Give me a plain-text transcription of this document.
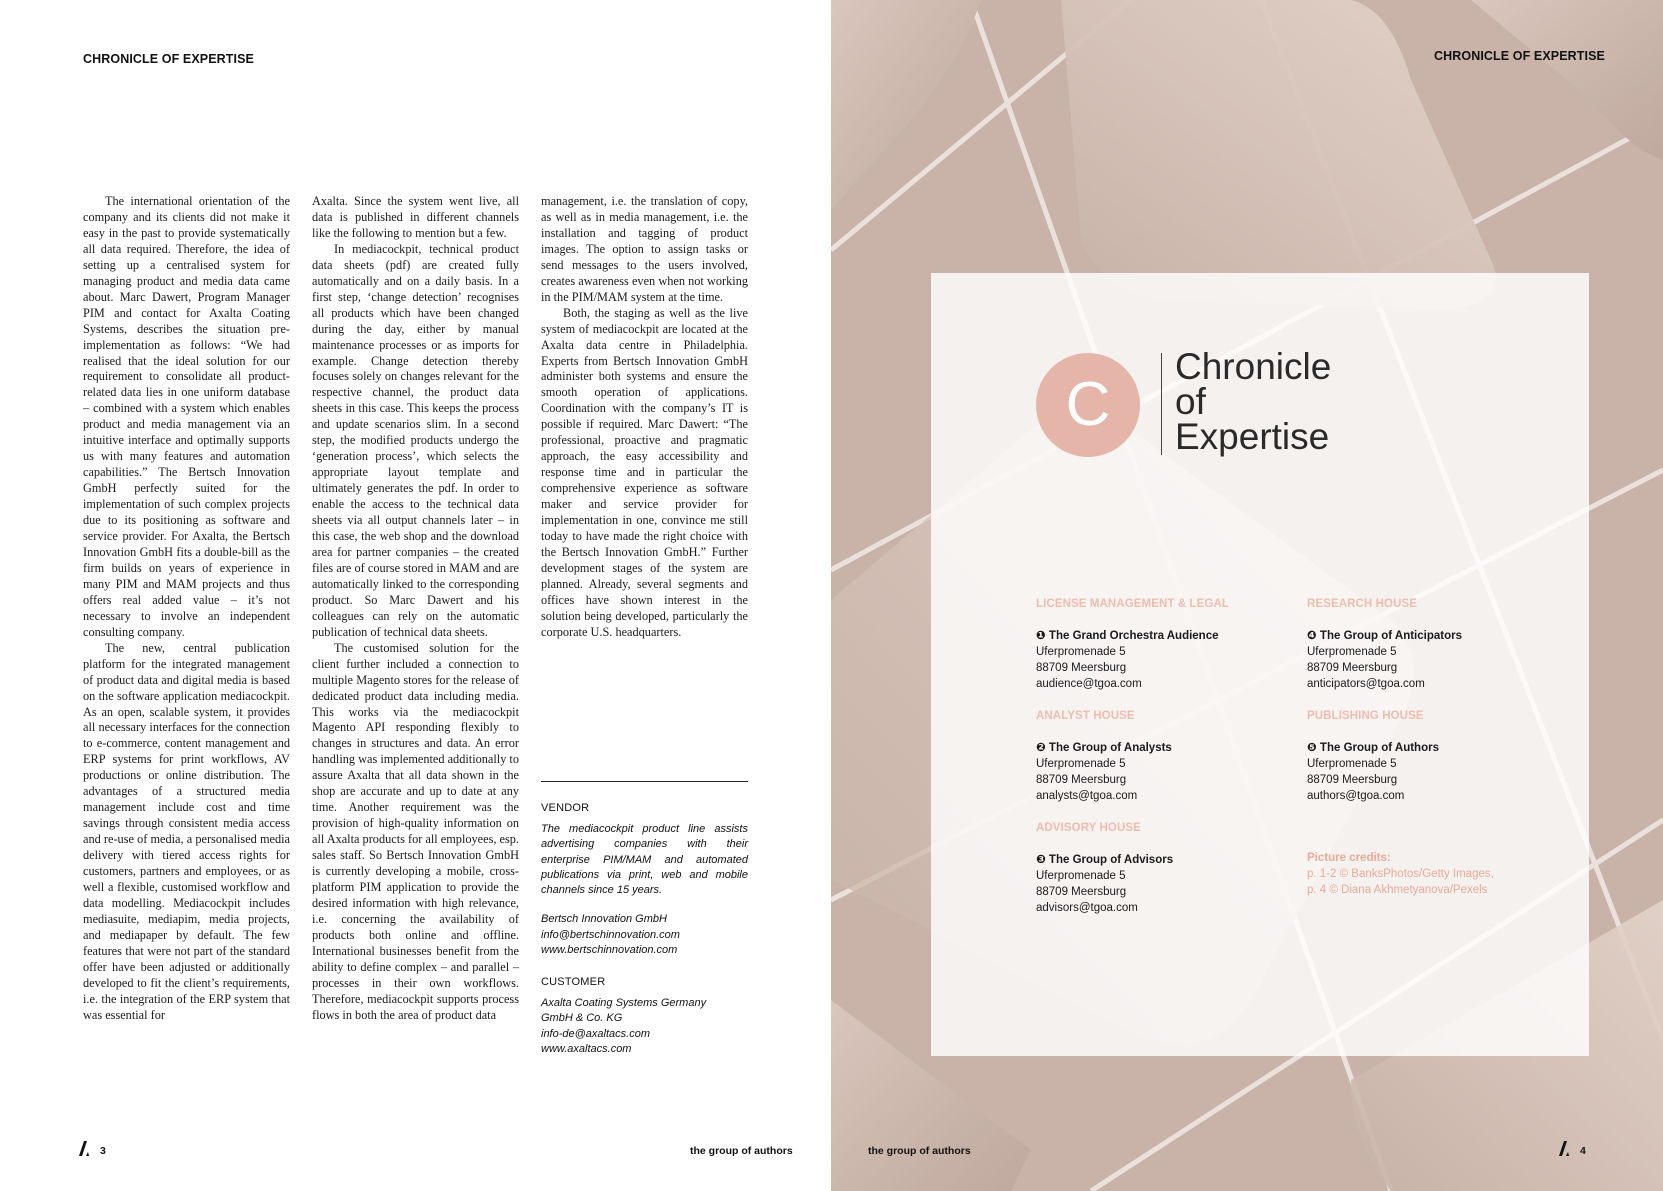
CHRONICLE OF EXPERTISE

The international orientation of the company and its clients did not make it easy in the past to provide systematically all data required. Therefore, the idea of setting up a centralised system for managing product and media data came about. Marc Dawert, Program Manager PIM and contact for Axalta Coating Systems, describes the situation pre-implementation as follows: “We had realised that the ideal solution for our requirement to consolidate all product-related data lies in one uniform database – combined with a system which enables product and media management via an intuitive interface and optimally supports us with many features and automation capabilities.” The Bertsch Innovation GmbH perfectly suited for the implementation of such complex projects due to its positioning as software and service provider. For Axalta, the Bertsch Innovation GmbH fits a double-bill as the firm builds on years of experience in many PIM and MAM projects and thus offers real added value – it’s not necessary to involve an independent consulting company.

The new, central publication platform for the integrated management of product data and digital media is based on the software application mediacockpit. As an open, scalable system, it provides all necessary interfaces for the connection to e-commerce, content management and ERP systems for print workflows, AV productions or online distribution. The advantages of a structured media management include cost and time savings through consistent media access and re-use of media, a personalised media delivery with tiered access rights for customers, partners and employees, or as well a flexible, customised workflow and data modelling. Mediacockpit includes mediasuite, mediapim, media projects, and mediapaper by default. The few features that were not part of the standard offer have been adjusted or additionally developed to fit the client’s requirements, i.e. the integration of the ERP system that was essential for

Axalta. Since the system went live, all data is published in different channels like the following to mention but a few.

In mediacockpit, technical product data sheets (pdf) are created fully automatically and on a daily basis. In a first step, ‘change detection’ recognises all products which have been changed during the day, either by manual maintenance processes or as imports for example. Change detection thereby focuses solely on changes relevant for the respective channel, the product data sheets in this case. This keeps the process and update scenarios slim. In a second step, the modified products undergo the ‘generation process’, which selects the appropriate layout template and ultimately generates the pdf. In order to enable the access to the technical data sheets via all output channels later – in this case, the web shop and the download area for partner companies – the created files are of course stored in MAM and are automatically linked to the corresponding product. So Marc Dawert and his colleagues can rely on the automatic publication of technical data sheets.

The customised solution for the client further included a connection to multiple Magento stores for the release of dedicated product data including media. This works via the mediacockpit Magento API responding flexibly to changes in structures and data. An error handling was implemented additionally to assure Axalta that all data shown in the shop are accurate and up to date at any time. Another requirement was the provision of high-quality information on all Axalta products for all employees, esp. sales staff. So Bertsch Innovation GmbH is currently developing a mobile, cross-platform PIM application to provide the desired information with high relevance, i.e. concerning the availability of products both online and offline. International businesses benefit from the ability to define complex – and parallel – processes in their own workflows. Therefore, mediacockpit supports process flows in both the area of product data

management, i.e. the translation of copy, as well as in media management, i.e. the installation and tagging of product images. The option to assign tasks or send messages to the users involved, creates awareness even when not working in the PIM/MAM system at the time.

Both, the staging as well as the live system of mediacockpit are located at the Axalta data centre in Philadelphia. Experts from Bertsch Innovation GmbH administer both systems and ensure the smooth operation of applications. Coordination with the company’s IT is possible if required. Marc Dawert: “The professional, proactive and pragmatic approach, the easy accessibility and response time and in particular the comprehensive experience as software maker and service provider for implementation in one, convince me still today to have made the right choice with the Bertsch Innovation GmbH.” Further development stages of the system are planned. Already, several segments and offices have shown interest in the solution being developed, particularly the corporate U.S. headquarters.

VENDOR
The mediacockpit product line assists advertising companies with their enterprise PIM/MAM and automated publications via print, web and mobile channels since 15 years.
Bertsch Innovation GmbH
info@bertschinnovation.com
www.bertschinnovation.com
CUSTOMER
Axalta Coating Systems Germany
GmbH & Co. KG
info-de@axaltacs.com
www.axaltacs.com
3	the group of authors
CHRONICLE OF EXPERTISE
C
Chronicle
of
Expertise
LICENSE MANAGEMENT & LEGAL
❶ The Grand Orchestra Audience
Uferpromenade 5
88709 Meersburg
audience@tgoa.com
ANALYST HOUSE
❷ The Group of Analysts
Uferpromenade 5
88709 Meersburg
analysts@tgoa.com
ADVISORY HOUSE
❸ The Group of Advisors
Uferpromenade 5
88709 Meersburg
advisors@tgoa.com
RESEARCH HOUSE
❹ The Group of Anticipators
Uferpromenade 5
88709 Meersburg
anticipators@tgoa.com
PUBLISHING HOUSE
❺ The Group of Authors
Uferpromenade 5
88709 Meersburg
authors@tgoa.com
Picture credits:
p. 1-2 © BanksPhotos/Getty Images,
p. 4 © Diana Akhmetyanova/Pexels
the group of authors	4
